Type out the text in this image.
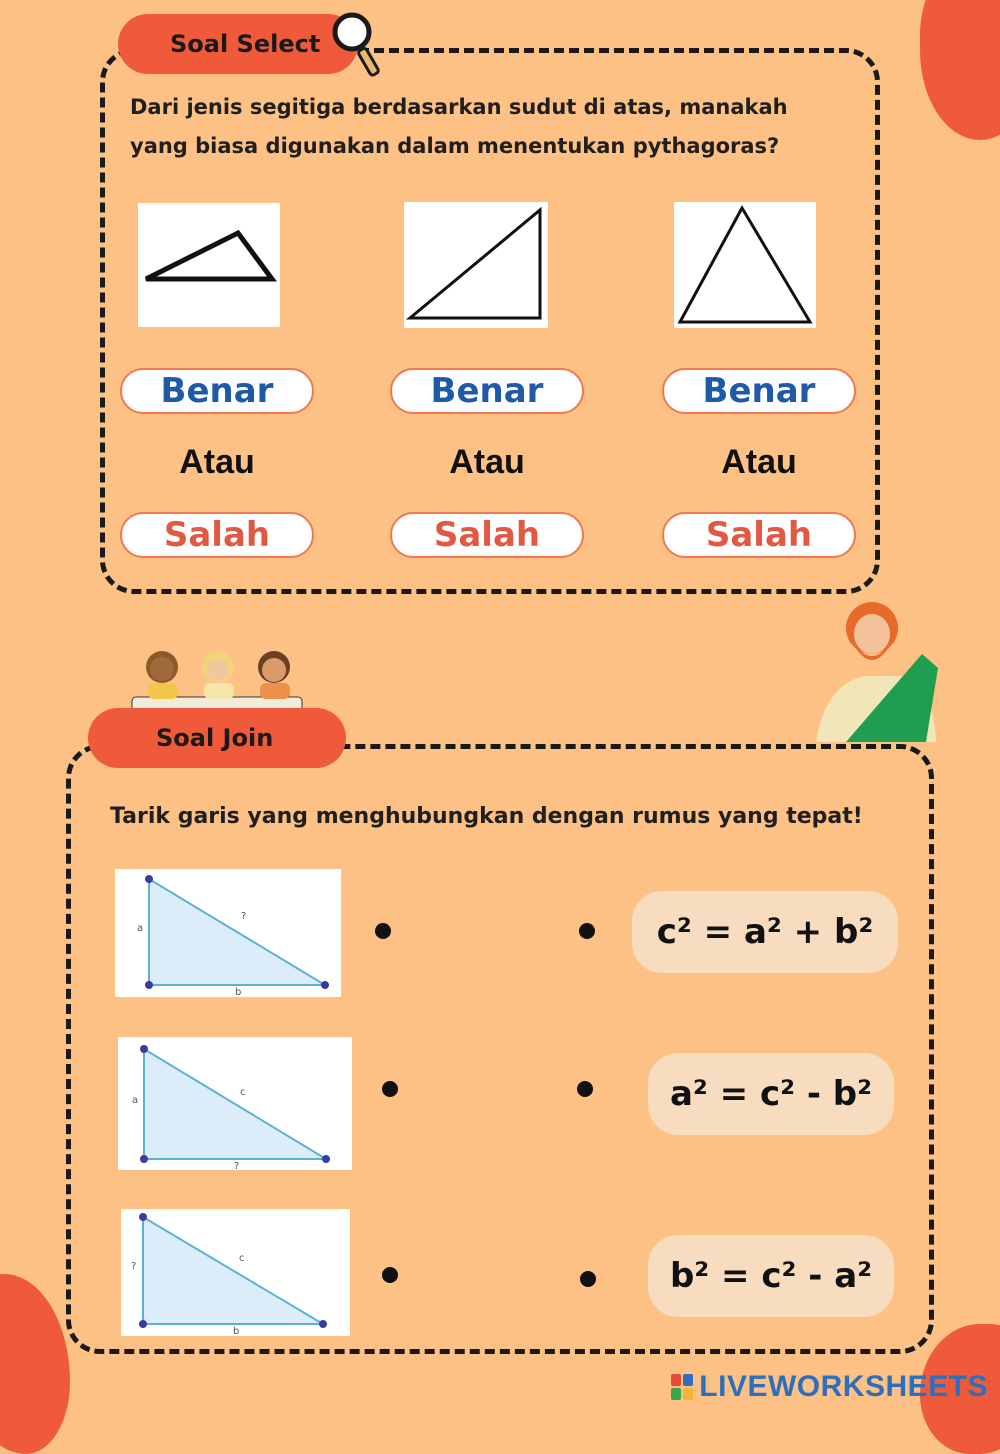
Soal Select
Dari jenis segitiga berdasarkan sudut di atas, manakah yang biasa digunakan dalam menentukan pythagoras?
Benar	Benar	Benar
Atau	Atau	Atau
Salah	Salah	Salah
Soal Join
Tarik garis yang menghubungkan dengan rumus yang tepat!
a
?
b
a
c
?
?
c
b
c² = a² + b²
a² = c² - b²
b² = c² - a²
LIVEWORKSHEETS
